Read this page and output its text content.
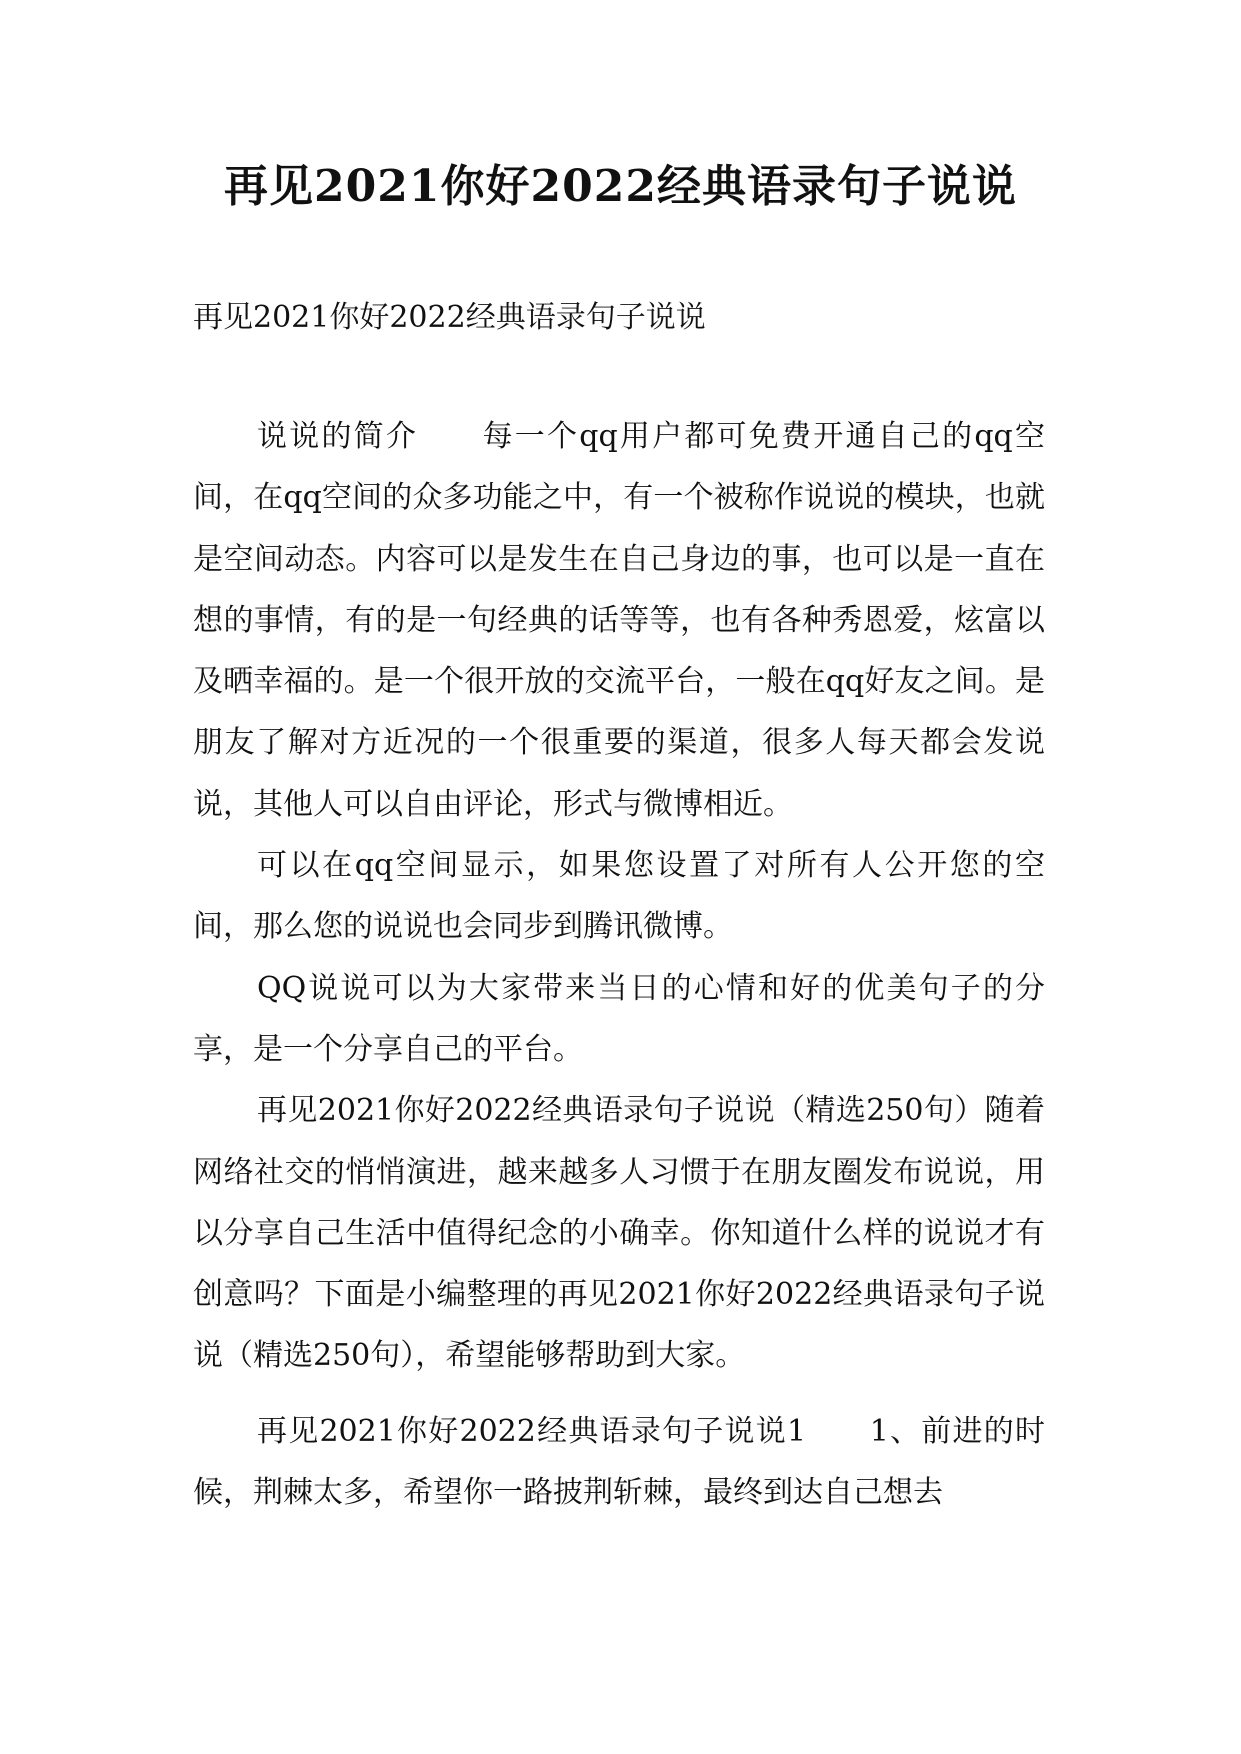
再见2021你好2022经典语录句子说说

再见2021你好2022经典语录句子说说

说说的简介　　每一个qq用户都可免费开通自己的qq空间，在qq空间的众多功能之中，有一个被称作说说的模块，也就是空间动态。内容可以是发生在自己身边的事，也可以是一直在想的事情，有的是一句经典的话等等，也有各种秀恩爱，炫富以及晒幸福的。是一个很开放的交流平台，一般在qq好友之间。是朋友了解对方近况的一个很重要的渠道，很多人每天都会发说说，其他人可以自由评论，形式与微博相近。

可以在qq空间显示，如果您设置了对所有人公开您的空间，那么您的说说也会同步到腾讯微博。

QQ说说可以为大家带来当日的心情和好的优美句子的分享，是一个分享自己的平台。

再见2021你好2022经典语录句子说说（精选250句）随着网络社交的悄悄演进，越来越多人习惯于在朋友圈发布说说，用以分享自己生活中值得纪念的小确幸。你知道什么样的说说才有创意吗？下面是小编整理的再见2021你好2022经典语录句子说说（精选250句），希望能够帮助到大家。

再见2021你好2022经典语录句子说说1　　1、前进的时候，荆棘太多，希望你一路披荆斩棘，最终到达自己想去
